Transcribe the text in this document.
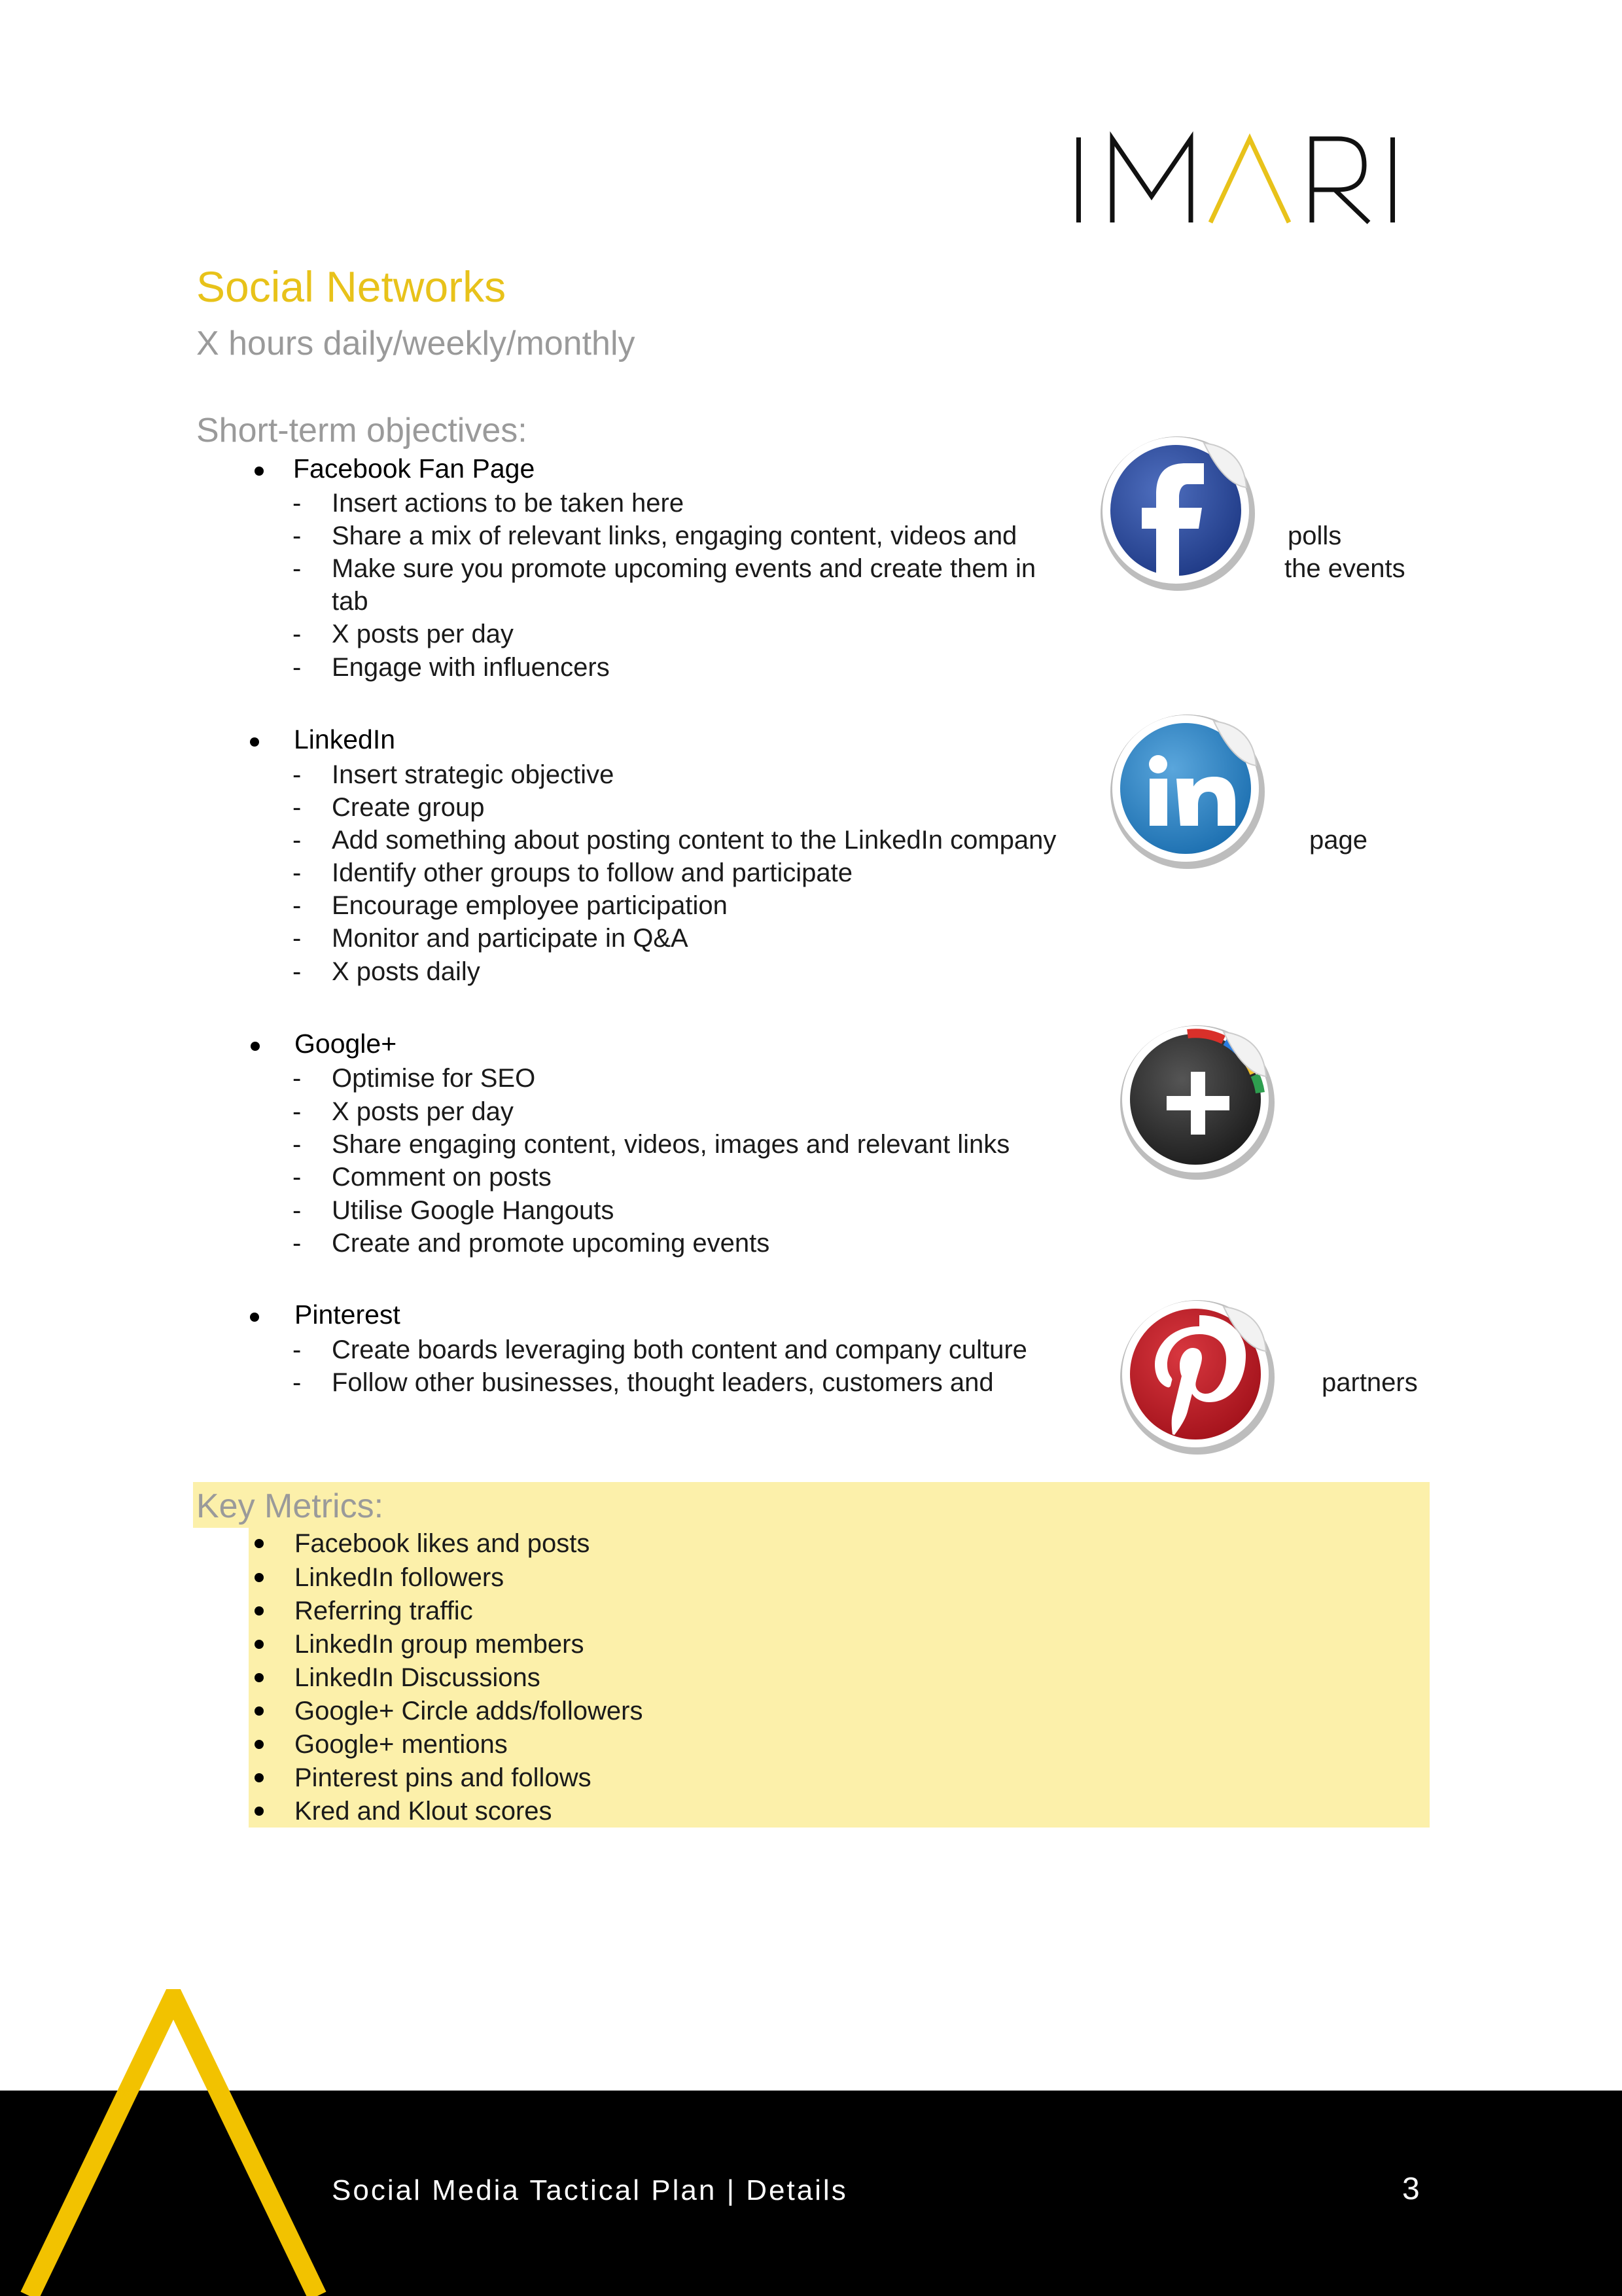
Social Networks
X hours daily/weekly/monthly
Short-term objectives:
Facebook Fan Page
- Insert actions to be taken here
- Share a mix of relevant links, engaging content, videos and
- Make sure you promote upcoming events and create them in
tab
- X posts per day
- Engage with influencers
polls
the events
LinkedIn
- Insert strategic objective
- Create group
- Add something about posting content to the LinkedIn company
- Identify other groups to follow and participate
- Encourage employee participation
- Monitor and participate in Q&A
- X posts daily
page
Google+
- Optimise for SEO
- X posts per day
- Share engaging content, videos, images and relevant links
- Comment on posts
- Utilise Google Hangouts
- Create and promote upcoming events
Pinterest
- Create boards leveraging both content and company culture
- Follow other businesses, thought leaders, customers and	partners
Key Metrics:
Facebook likes and posts
LinkedIn followers
Referring traffic
LinkedIn group members
LinkedIn Discussions
Google+ Circle adds/followers
Google+ mentions
Pinterest pins and follows
Kred and Klout scores
Social Media Tactical Plan | Details	3
